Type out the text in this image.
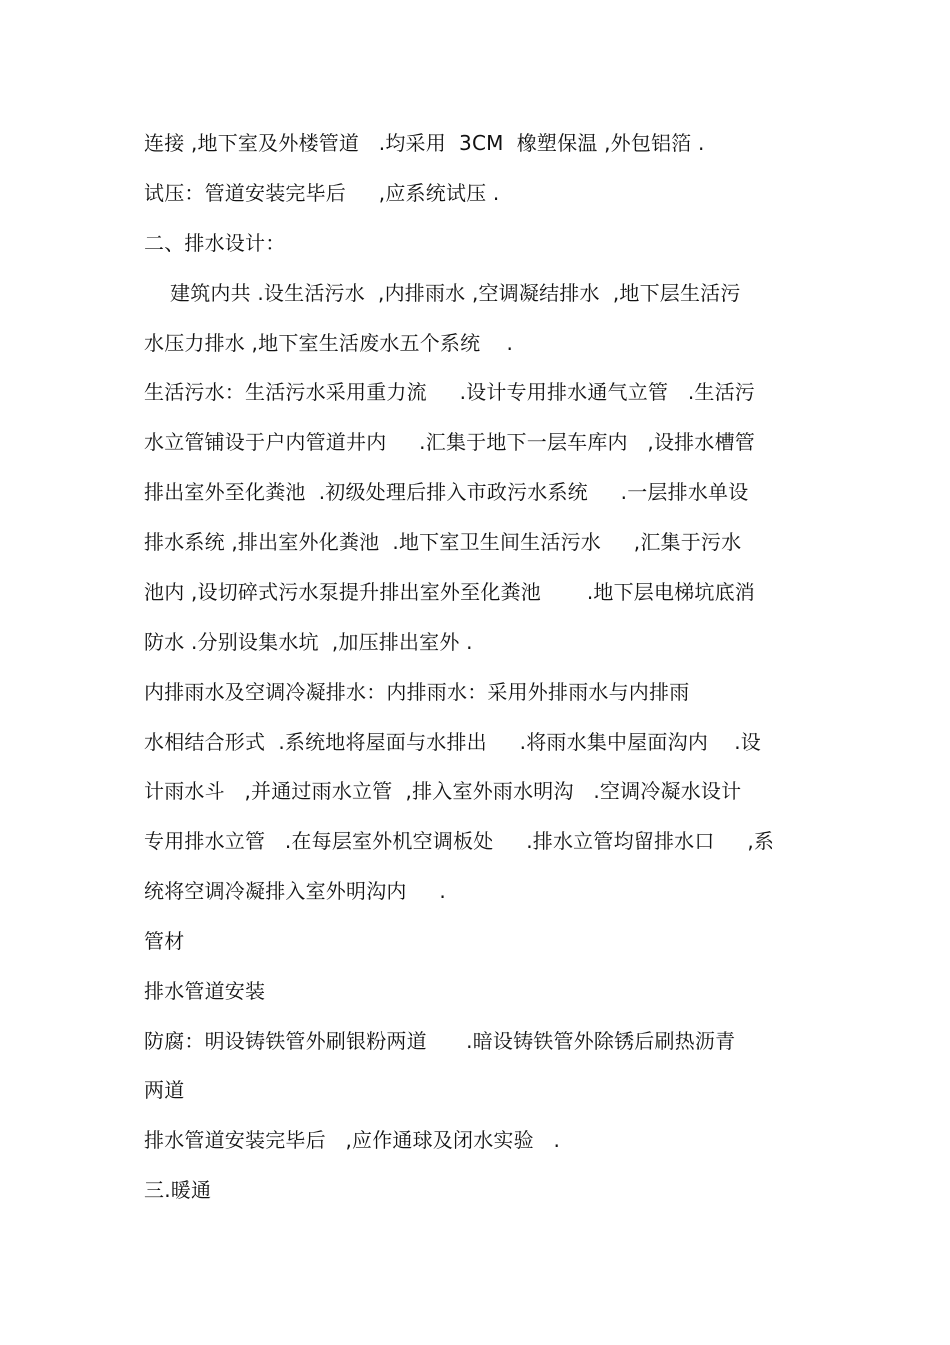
连接 ,地下室及外楼管道   .均采用  3CM  橡塑保温 ,外包铝箔 .
试压：管道安装完毕后     ,应系统试压 .
二、排水设计：
建筑内共 .设生活污水  ,内排雨水 ,空调凝结排水  ,地下层生活污
水压力排水 ,地下室生活废水五个系统    .
生活污水：生活污水采用重力流     .设计专用排水通气立管   .生活污
水立管铺设于户内管道井内     .汇集于地下一层车库内   ,设排水槽管
排出室外至化粪池  .初级处理后排入市政污水系统     .一层排水单设
排水系统 ,排出室外化粪池  .地下室卫生间生活污水     ,汇集于污水
池内 ,设切碎式污水泵提升排出室外至化粪池       .地下层电梯坑底消
防水 .分别设集水坑  ,加压排出室外 .
内排雨水及空调冷凝排水：内排雨水：采用外排雨水与内排雨
水相结合形式  .系统地将屋面与水排出     .将雨水集中屋面沟内    .设
计雨水斗   ,并通过雨水立管  ,排入室外雨水明沟   .空调冷凝水设计
专用排水立管   .在每层室外机空调板处     .排水立管均留排水口     ,系
统将空调冷凝排入室外明沟内     .
管材
排水管道安装
防腐：明设铸铁管外刷银粉两道      .暗设铸铁管外除锈后刷热沥青
两道
排水管道安装完毕后   ,应作通球及闭水实验   .
三.暖通
